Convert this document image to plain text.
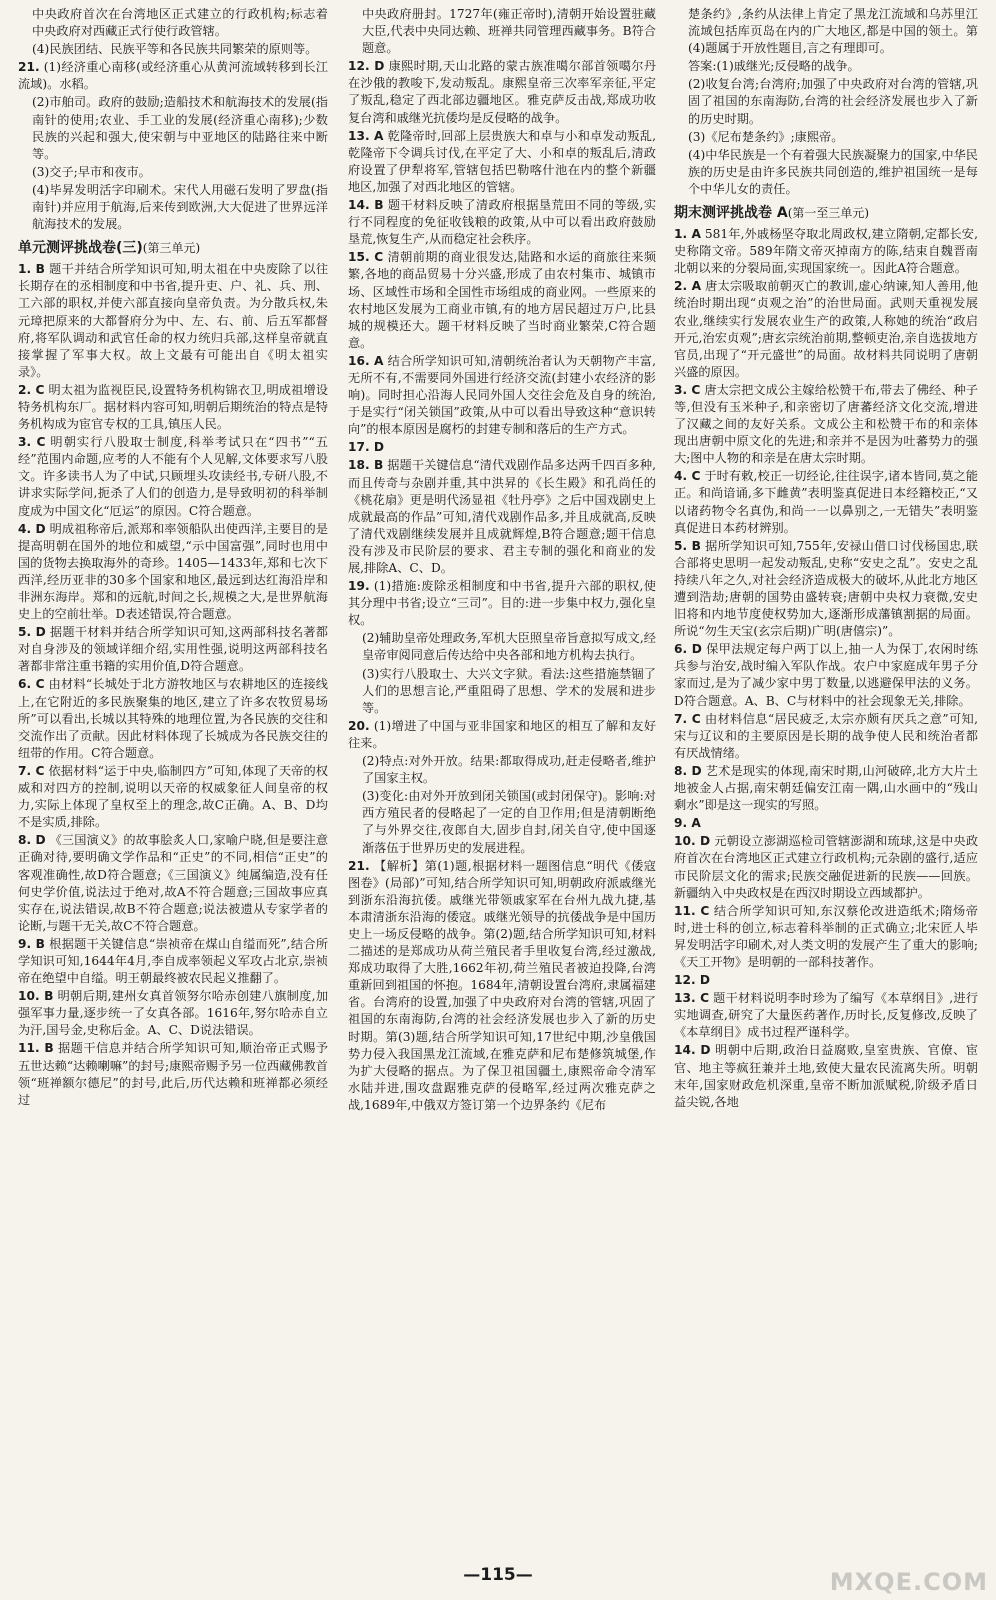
中央政府首次在台湾地区正式建立的行政机构;标志着中央政府对西藏正式行使行政管辖。
(4)民族团结、民族平等和各民族共同繁荣的原则等。
21. (1)经济重心南移(或经济重心从黄河流域转移到长江流域)。水稻。
(2)市舶司。政府的鼓励;造船技术和航海技术的发展(指南针的使用;农业、手工业的发展(经济重心南移);少数民族的兴起和强大,使宋朝与中亚地区的陆路往来中断等。
(3)交子;早市和夜市。
(4)毕昇发明活字印刷术。宋代人用磁石发明了罗盘(指南针)并应用于航海,后来传到欧洲,大大促进了世界远洋航海技术的发展。
单元测评挑战卷(三)(第三单元)
1. B 题干并结合所学知识可知,明太祖在中央废除了以往长期存在的丞相制度和中书省,提升吏、户、礼、兵、刑、工六部的职权,并使六部直接向皇帝负责。为分散兵权,朱元璋把原来的大都督府分为中、左、右、前、后五军都督府,将军队调动和武官任命的权力统归兵部,这样皇帝就直接掌握了军事大权。故上文最有可能出自《明太祖实录》。
2. C 明太祖为监视臣民,设置特务机构锦衣卫,明成祖增设特务机构东厂。据材料内容可知,明朝后期统治的特点是特务机构成为宦官专权的工具,镇压人民。
3. C 明朝实行八股取士制度,科举考试只在“四书”“五经”范围内命题,应考的人不能有个人见解,文体要求写八股文。许多读书人为了中试,只顾埋头攻读经书,专研八股,不讲求实际学问,扼杀了人们的创造力,是导致明初的科举制度成为中国文化“厄运”的原因。C符合题意。
4. D 明成祖称帝后,派郑和率领船队出使西洋,主要目的是提高明朝在国外的地位和威望,“示中国富强”,同时也用中国的货物去换取海外的奇珍。1405—1433年,郑和七次下西洋,经历亚非的30多个国家和地区,最远到达红海沿岸和非洲东海岸。郑和的远航,时间之长,规模之大,是世界航海史上的空前壮举。D表述错误,符合题意。
5. D 据题干材料并结合所学知识可知,这两部科技名著都对自身涉及的领域详细介绍,实用性强,说明这两部科技名著都非常注重书籍的实用价值,D符合题意。
6. C 由材料“长城处于北方游牧地区与农耕地区的连接线上,在它附近的多民族聚集的地区,建立了许多农牧贸易场所”可以看出,长城以其特殊的地理位置,为各民族的交往和交流作出了贡献。因此材料体现了长城成为各民族交往的纽带的作用。C符合题意。
7. C 依据材料“运于中央,临制四方”可知,体现了天帝的权威和对四方的控制,说明以天帝的权威象征人间皇帝的权力,实际上体现了皇权至上的理念,故C正确。A、B、D均不是实质,排除。
8. D 《三国演义》的故事脍炙人口,家喻户晓,但是要注意正确对待,要明确文学作品和“正史”的不同,相信“正史”的客观准确性,故D符合题意;《三国演义》纯属编造,没有任何史学价值,说法过于绝对,故A不符合题意;三国故事应真实存在,说法错误,故B不符合题意;说法被遗从专家学者的论断,与题干无关,故C不符合题意。
9. B 根据题干关键信息“崇祯帝在煤山自缢而死”,结合所学知识可知,1644年4月,李自成率领起义军攻占北京,崇祯帝在绝望中自缢。明王朝最终被农民起义推翻了。
10. B 明朝后期,建州女真首领努尔哈赤创建八旗制度,加强军事力量,逐步统一了女真各部。1616年,努尔哈赤自立为汗,国号金,史称后金。A、C、D说法错误。
11. B 据题干信息并结合所学知识可知,顺治帝正式赐予五世达赖“达赖喇嘛”的封号;康熙帝赐予另一位西藏佛教首领“班禅额尔德尼”的封号,此后,历代达赖和班禅都必须经过
中央政府册封。1727年(雍正帝时),清朝开始设置驻藏大臣,代表中央同达赖、班禅共同管理西藏事务。B符合题意。
12. D 康熙时期,天山北路的蒙古族准噶尔部首领噶尔丹在沙俄的教唆下,发动叛乱。康熙皇帝三次率军亲征,平定了叛乱,稳定了西北部边疆地区。雅克萨反击战,郑成功收复台湾和戚继光抗倭均是反侵略的战争。
13. A 乾隆帝时,回部上层贵族大和卓与小和卓发动叛乱,乾隆帝下令调兵讨伐,在平定了大、小和卓的叛乱后,清政府设置了伊犁将军,管辖包括巴勒喀什池在内的整个新疆地区,加强了对西北地区的管辖。
14. B 题干材料反映了清政府根据垦荒田不同的等级,实行不同程度的免征收钱粮的政策,从中可以看出政府鼓励垦荒,恢复生产,从而稳定社会秩序。
15. C 清朝前期的商业很发达,陆路和水运的商旅往来频繁,各地的商品贸易十分兴盛,形成了由农村集市、城镇市场、区域性市场和全国性市场组成的商业网。一些原来的农村地区发展为工商业市镇,有的地方居民超过万户,比县城的规模还大。题干材料反映了当时商业繁荣,C符合题意。
16. A 结合所学知识可知,清朝统治者认为天朝物产丰富,无所不有,不需要同外国进行经济交流(封建小农经济的影响)。同时担心沿海人民同外国人交往会危及自身的统治,于是实行“闭关锁国”政策,从中可以看出导致这种“意识转向”的根本原因是腐朽的封建专制和落后的生产方式。
17. D
18. B 据题干关键信息“清代戏剧作品多达两千四百多种,而且传奇与杂剧并重,其中洪昇的《长生殿》和孔尚任的《桃花扇》更是明代汤显祖《牡丹亭》之后中国戏剧史上成就最高的作品”可知,清代戏剧作品多,并且成就高,反映了清代戏剧继续发展并且成就辉煌,B符合题意;题干信息没有涉及市民阶层的要求、君主专制的强化和商业的发展,排除A、C、D。
19. (1)措施:废除丞相制度和中书省,提升六部的职权,使其分理中书省;设立“三司”。目的:进一步集中权力,强化皇权。
(2)辅助皇帝处理政务,军机大臣照皇帝旨意拟写成文,经皇帝审阅同意后传达给中央各部和地方机构去执行。
(3)实行八股取士、大兴文字狱。看法:这些措施禁锢了人们的思想言论,严重阻碍了思想、学术的发展和进步等。
20. (1)增进了中国与亚非国家和地区的相互了解和友好往来。
(2)特点:对外开放。结果:都取得成功,赶走侵略者,维护了国家主权。
(3)变化:由对外开放到闭关锁国(或封闭保守)。影响:对西方殖民者的侵略起了一定的自卫作用;但是清朝断绝了与外界交往,夜郎自大,固步自封,闭关自守,使中国逐渐落伍于世界历史的发展进程。
21. 【解析】第(1)题,根据材料一题图信息“明代《倭寇图卷》(局部)”可知,结合所学知识可知,明朝政府派戚继光到浙东沿海抗倭。戚继光带领戚家军在台州九战九捷,基本肃清浙东沿海的倭寇。戚继光领导的抗倭战争是中国历史上一场反侵略的战争。第(2)题,结合所学知识可知,材料二描述的是郑成功从荷兰殖民者手里收复台湾,经过激战,郑成功取得了大胜,1662年初,荷兰殖民者被迫投降,台湾重新回到祖国的怀抱。1684年,清朝设置台湾府,隶属福建省。台湾府的设置,加强了中央政府对台湾的管辖,巩固了祖国的东南海防,台湾的社会经济发展也步入了新的历史时期。第(3)题,结合所学知识可知,17世纪中期,沙皇俄国势力侵入我国黑龙江流域,在雅克萨和尼布楚修筑城堡,作为扩大侵略的据点。为了保卫祖国疆土,康熙帝命令清军水陆并进,围攻盘踞雅克萨的侵略军,经过两次雅克萨之战,1689年,中俄双方签订第一个边界条约《尼布
楚条约》,条约从法律上肯定了黑龙江流域和乌苏里江流域包括库页岛在内的广大地区,都是中国的领土。第(4)题属于开放性题目,言之有理即可。
答案:(1)戚继光;反侵略的战争。
(2)收复台湾;台湾府;加强了中央政府对台湾的管辖,巩固了祖国的东南海防,台湾的社会经济发展也步入了新的历史时期。
(3)《尼布楚条约》;康熙帝。
(4)中华民族是一个有着强大民族凝聚力的国家,中华民族的历史是由许多民族共同创造的,维护祖国统一是每个中华儿女的责任。
期末测评挑战卷 A(第一至三单元)
1. A 581年,外戚杨坚夺取北周政权,建立隋朝,定都长安,史称隋文帝。589年隋文帝灭掉南方的陈,结束自魏晋南北朝以来的分裂局面,实现国家统一。因此A符合题意。
2. A 唐太宗吸取前朝灭亡的教训,虚心纳谏,知人善用,他统治时期出现“贞观之治”的治世局面。武则天重视发展农业,继续实行发展农业生产的政策,人称她的统治“政启开元,治宏贞观”;唐玄宗统治前期,整顿吏治,亲自选拔地方官员,出现了“开元盛世”的局面。故材料共同说明了唐朝兴盛的原因。
3. C 唐太宗把文成公主嫁给松赞干布,带去了佛经、种子等,但没有玉米种子,和亲密切了唐蕃经济文化交流,增进了汉藏之间的友好关系。文成公主和松赞干布的和亲体现出唐朝中原文化的先进;和亲并不是因为吐蕃势力的强大;图中人物的和亲是在唐太宗时期。
4. C 于时有敕,校正一切经论,往往误字,诸本皆同,莫之能正。和尚谙诵,多下雌黄”表明鉴真促进日本经籍校正,“又以诸药物令名真伪,和尚一一以鼻别之,一无错失”表明鉴真促进日本药材辨别。
5. B 据所学知识可知,755年,安禄山借口讨伐杨国忠,联合部将史思明一起发动叛乱,史称“安史之乱”。安史之乱持续八年之久,对社会经济造成极大的破坏,从此北方地区遭到浩劫;唐朝的国势由盛转衰;唐朝中央权力衰微,安史旧将和内地节度使权势加大,逐渐形成藩镇割据的局面。所说“勿生天宝(玄宗后期)广明(唐僖宗)”。
6. D 保甲法规定每户两丁以上,抽一人为保丁,农闲时练兵参与治安,战时编入军队作战。农户中家庭成年男子分家而过,是为了减少家中男丁数量,以逃避保甲法的义务。D符合题意。A、B、C与材料中的社会现象无关,排除。
7. C 由材料信息“居民疲乏,太宗亦颇有厌兵之意”可知,宋与辽议和的主要原因是长期的战争使人民和统治者都有厌战情绪。
8. D 艺术是现实的体现,南宋时期,山河破碎,北方大片土地被金人占据,南宋朝廷偏安江南一隅,山水画中的“残山剩水”即是这一现实的写照。
9. A
10. D 元朝设立澎湖巡检司管辖澎湖和琉球,这是中央政府首次在台湾地区正式建立行政机构;元杂剧的盛行,适应市民阶层文化的需求;民族交融促进新的民族——回族。新疆纳入中央政权是在西汉时期设立西域都护。
11. C 结合所学知识可知,东汉蔡伦改进造纸术;隋炀帝时,进士科的创立,标志着科举制的正式确立;北宋匠人毕昇发明活字印刷术,对人类文明的发展产生了重大的影响;《天工开物》是明朝的一部科技著作。
12. D
13. C 题干材料说明李时珍为了编写《本草纲目》,进行实地调查,研究了大量医药著作,历时长,反复修改,反映了《本草纲目》成书过程严谨科学。
14. D 明朝中后期,政治日益腐败,皇室贵族、官僚、宦官、地主等疯狂兼并土地,致使大量农民流离失所。明朝末年,国家财政危机深重,皇帝不断加派赋税,阶级矛盾日益尖锐,各地
—115—	MXQE.COM
